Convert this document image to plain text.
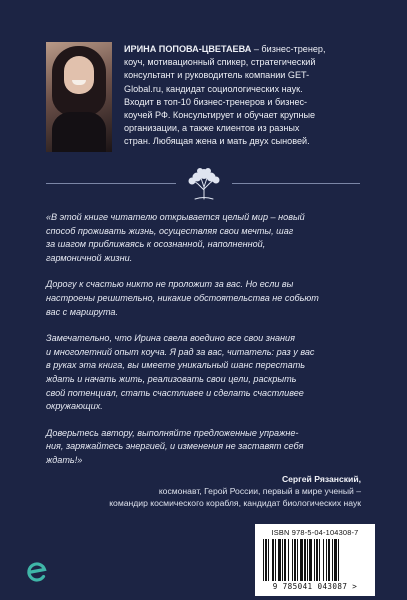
ИРИНА ПОПОВА-ЦВЕТАЕВА – бизнес-тренер,
коуч, мотивационный спикер, стратегический
консультант и руководитель компании GET-
Global.ru, кандидат социологических наук.
Входит в топ-10 бизнес-тренеров и бизнес-
коучей РФ. Консультирует и обучает крупные
организации, а также клиентов из разных
стран. Любящая жена и мать двух сыновей.

«В этой книге читателю открывается целый мир – новый
способ проживать жизнь, осуществляя свои мечты, шаг
за шагом приближаясь к осознанной, наполненной,
гармоничной жизни.

Дорогу к счастью никто не проложит за вас. Но если вы
настроены решительно, никакие обстоятельства не собьют
вас с маршрута.

Замечательно, что Ирина свела воедино все свои знания
и многолетний опыт коуча. Я рад за вас, читатель: раз у вас
в руках эта книга, вы имеете уникальный шанс перестать
ждать и начать жить, реализовать свои цели, раскрыть
свой потенциал, стать счастливее и сделать счастливее
окружающих.

Доверьтесь автору, выполняйте предложенные упражне-
ния, заряжайтесь энергией, и изменения не заставят себя
ждать!»

Сергей Рязанский,
космонавт, Герой России, первый в мире ученый –
командир космического корабля, кандидат биологических наук
ISBN 978-5-04-104308-7
9 785041 043087 >
